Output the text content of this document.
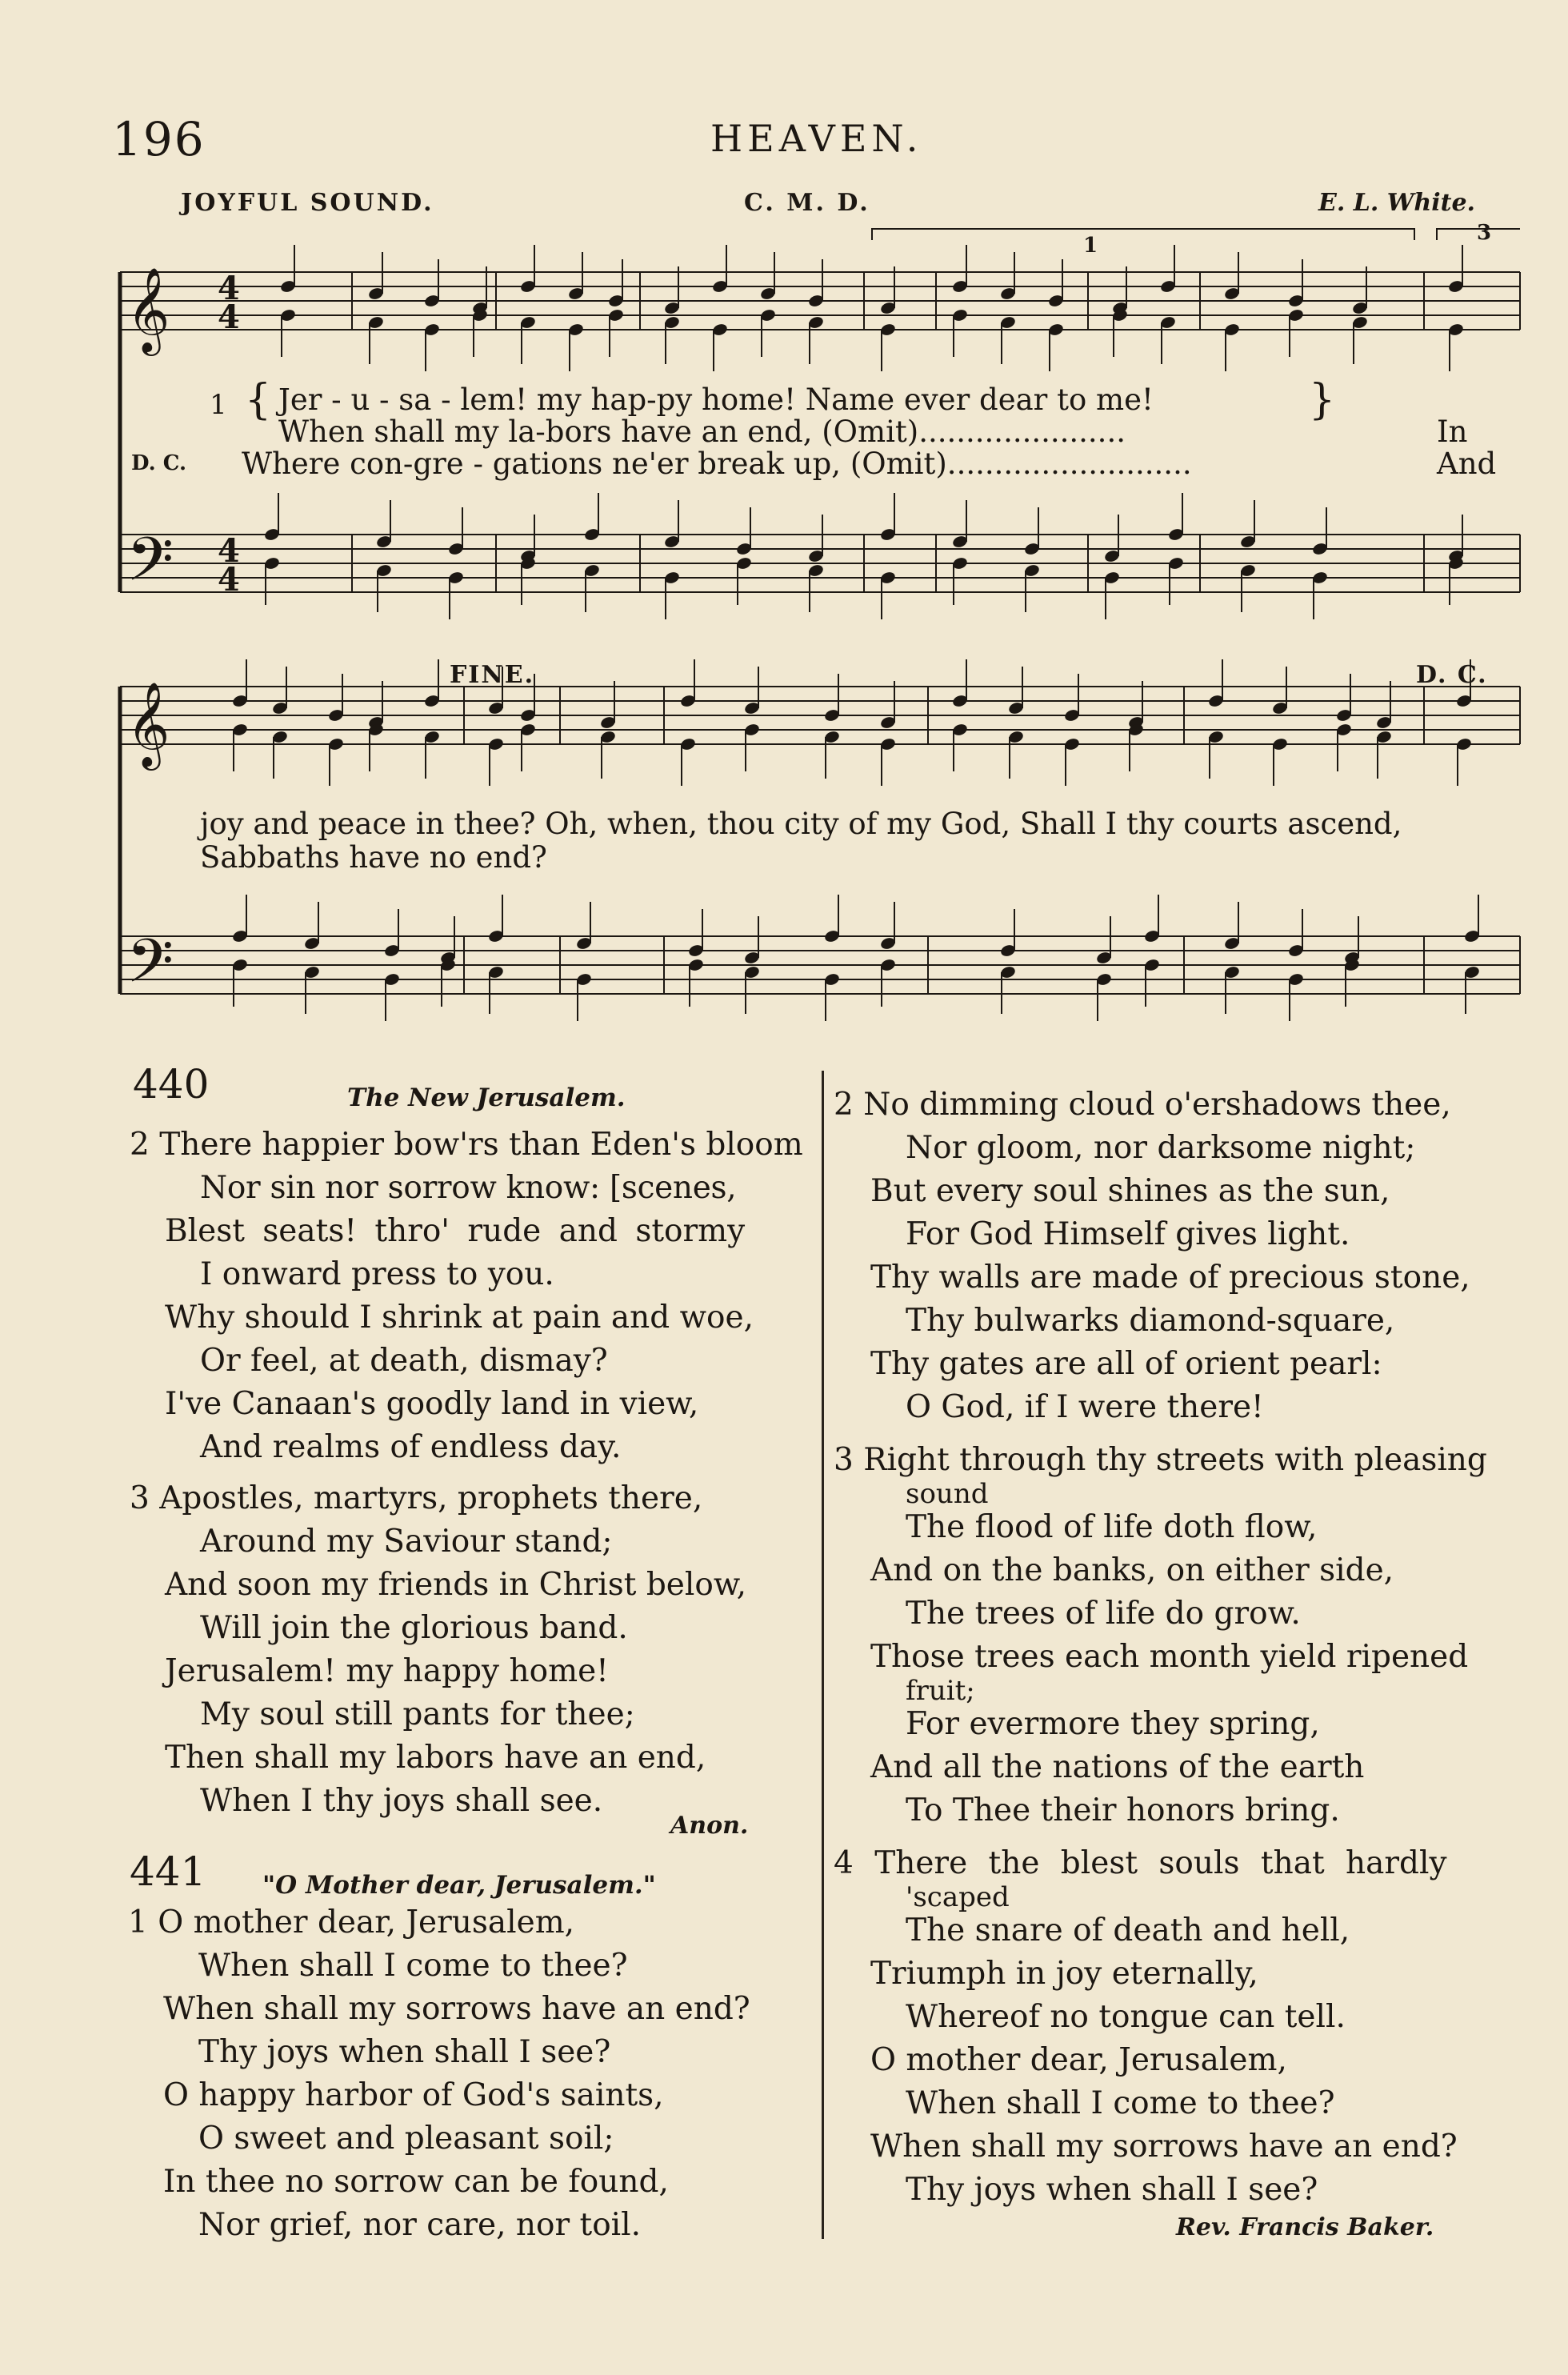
196	HEAVEN.
JOYFUL SOUND.	C. M. D.	E. L. White.
𝄞
𝄢
𝄞
𝄢
4
4
4
4
1
3
FINE.	D. C.
1 { Jer - u - sa - lem! my hap-py home! Name ever dear to me!	}
When shall my la-bors have an end, (Omit)......................	In
D. C. Where con-gre - gations ne'er break up, (Omit)..........................	And
joy and peace in thee? Oh, when, thou city of my God, Shall I thy courts ascend,
Sabbaths have no end?
440	The New Jerusalem.
2 There happier bow'rs than Eden's bloom
Nor sin nor sorrow know: [scenes,
Blest seats! thro' rude and stormy
I onward press to you.
Why should I shrink at pain and woe,
Or feel, at death, dismay?
I've Canaan's goodly land in view,
And realms of endless day.
3 Apostles, martyrs, prophets there,
Around my Saviour stand;
And soon my friends in Christ below,
Will join the glorious band.
Jerusalem! my happy home!
My soul still pants for thee;
Then shall my labors have an end,
When I thy joys shall see.
Anon.
441 "O Mother dear, Jerusalem."
1 O mother dear, Jerusalem,
When shall I come to thee?
When shall my sorrows have an end?
Thy joys when shall I see?
O happy harbor of God's saints,
O sweet and pleasant soil;
In thee no sorrow can be found,
Nor grief, nor care, nor toil.
2 No dimming cloud o'ershadows thee,
Nor gloom, nor darksome night;
But every soul shines as the sun,
For God Himself gives light.
Thy walls are made of precious stone,
Thy bulwarks diamond-square,
Thy gates are all of orient pearl:
O God, if I were there!
3 Right through thy streets with pleasing
sound
The flood of life doth flow,
And on the banks, on either side,
The trees of life do grow.
Those trees each month yield ripened
fruit;
For evermore they spring,
And all the nations of the earth
To Thee their honors bring.
4 There the blest souls that hardly
'scaped
The snare of death and hell,
Triumph in joy eternally,
Whereof no tongue can tell.
O mother dear, Jerusalem,
When shall I come to thee?
When shall my sorrows have an end?
Thy joys when shall I see?
Rev. Francis Baker.
